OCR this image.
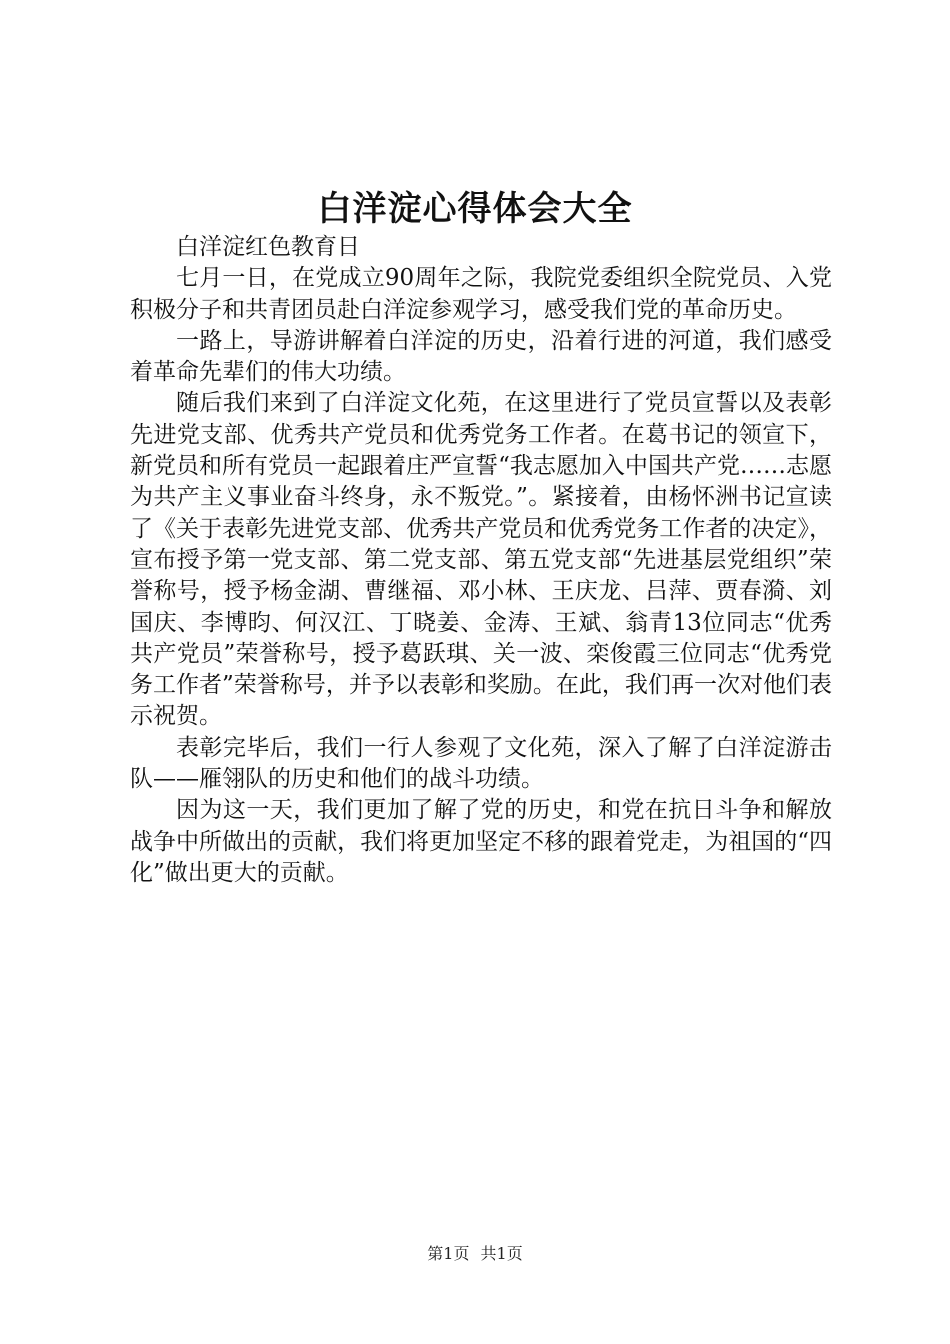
白洋淀心得体会大全

白洋淀红色教育日

七月一日，在党成立90周年之际，我院党委组织全院党员、入党积极分子和共青团员赴白洋淀参观学习，感受我们党的革命历史。

一路上，导游讲解着白洋淀的历史，沿着行进的河道，我们感受着革命先辈们的伟大功绩。

随后我们来到了白洋淀文化苑，在这里进行了党员宣誓以及表彰先进党支部、优秀共产党员和优秀党务工作者。在葛书记的领宣下，新党员和所有党员一起跟着庄严宣誓“我志愿加入中国共产党……志愿为共产主义事业奋斗终身，永不叛党。”。紧接着，由杨怀洲书记宣读了《关于表彰先进党支部、优秀共产党员和优秀党务工作者的决定》，宣布授予第一党支部、第二党支部、第五党支部“先进基层党组织”荣誉称号，授予杨金湖、曹继福、邓小林、王庆龙、吕萍、贾春漪、刘国庆、李博昀、何汉江、丁晓姜、金涛、王斌、翁青13位同志“优秀共产党员”荣誉称号，授予葛跃琪、关一波、栾俊霞三位同志“优秀党务工作者”荣誉称号，并予以表彰和奖励。在此，我们再一次对他们表示祝贺。

表彰完毕后，我们一行人参观了文化苑，深入了解了白洋淀游击队——雁翎队的历史和他们的战斗功绩。

因为这一天，我们更加了解了党的历史，和党在抗日斗争和解放战争中所做出的贡献，我们将更加坚定不移的跟着党走，为祖国的“四化”做出更大的贡献。

第1页 共1页
